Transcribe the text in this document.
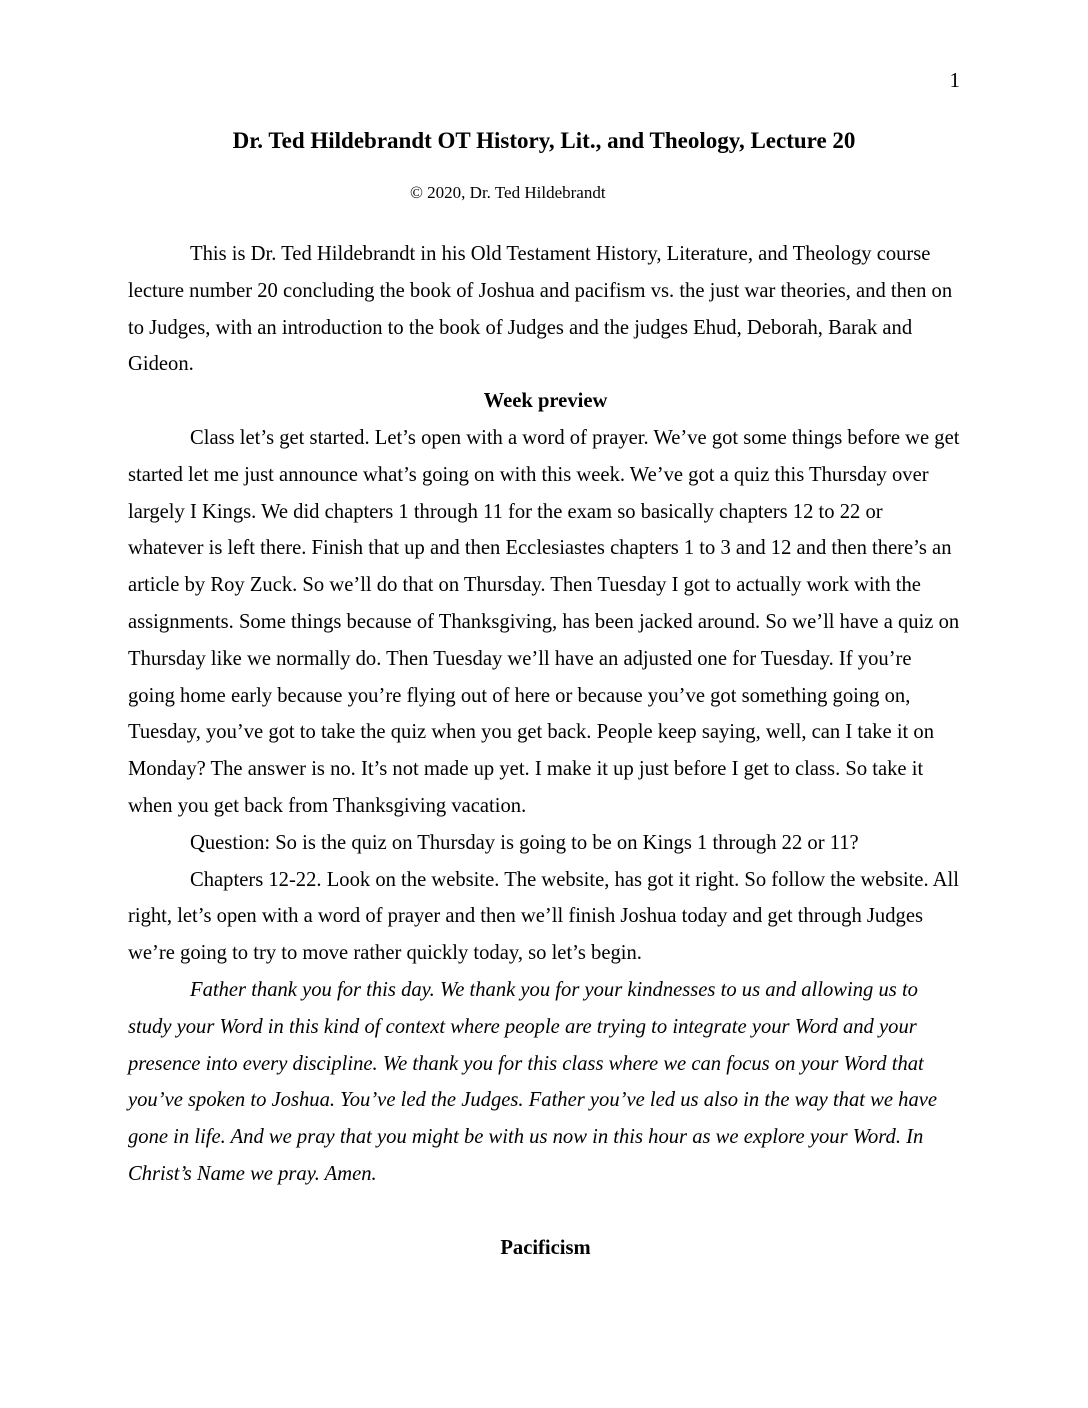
1
Dr. Ted Hildebrandt OT History, Lit., and Theology, Lecture 20
© 2020, Dr. Ted Hildebrandt

This is Dr. Ted Hildebrandt in his Old Testament History, Literature, and Theology course lecture number 20 concluding the book of Joshua and pacifism vs. the just war theories, and then on to Judges, with an introduction to the book of Judges and the judges Ehud, Deborah, Barak and Gideon.

Week preview

Class let’s get started. Let’s open with a word of prayer. We’ve got some things before we get started let me just announce what’s going on with this week. We’ve got a quiz this Thursday over largely I Kings. We did chapters 1 through 11 for the exam so basically chapters 12 to 22 or whatever is left there. Finish that up and then Ecclesiastes chapters 1 to 3 and 12 and then there’s an article by Roy Zuck. So we’ll do that on Thursday. Then Tuesday I got to actually work with the assignments. Some things because of Thanksgiving, has been jacked around. So we’ll have a quiz on Thursday like we normally do. Then Tuesday we’ll have an adjusted one for Tuesday. If you’re going home early because you’re flying out of here or because you’ve got something going on, Tuesday, you’ve got to take the quiz when you get back. People keep saying, well, can I take it on Monday? The answer is no. It’s not made up yet. I make it up just before I get to class. So take it when you get back from Thanksgiving vacation.

Question: So is the quiz on Thursday is going to be on Kings 1 through 22 or 11?

Chapters 12-22. Look on the website. The website, has got it right. So follow the website. All right, let’s open with a word of prayer and then we’ll finish Joshua today and get through Judges we’re going to try to move rather quickly today, so let’s begin.

Father thank you for this day. We thank you for your kindnesses to us and allowing us to study your Word in this kind of context where people are trying to integrate your Word and your presence into every discipline. We thank you for this class where we can focus on your Word that you’ve spoken to Joshua. You’ve led the Judges. Father you’ve led us also in the way that we have gone in life. And we pray that you might be with us now in this hour as we explore your Word. In Christ’s Name we pray. Amen.

Pacificism
